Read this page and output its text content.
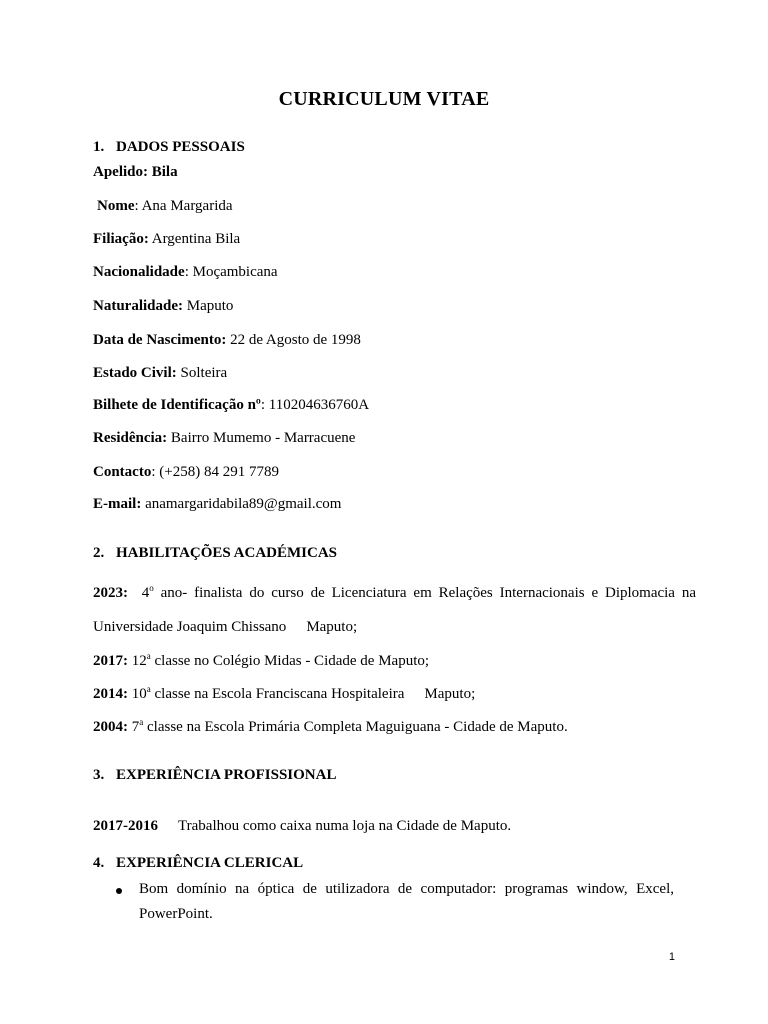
CURRICULUM VITAE
1. DADOS PESSOAIS
Apelido: Bila
Nome: Ana Margarida
Filiação: Argentina Bila
Nacionalidade: Moçambicana
Naturalidade: Maputo
Data de Nascimento: 22 de Agosto de 1998
Estado Civil: Solteira
Bilhete de Identificação nº: 110204636760A
Residência: Bairro Mumemo - Marracuene
Contacto: (+258) 84 291 7789
E-mail: anamargaridabila89@gmail.com
2. HABILITAÇÕES ACADÉMICAS
2023: 4$^o$ ano- finalista do curso de Licenciatura em Relações Internacionais e Diplomacia na
Universidade Joaquim Chissano Maputo;
2017: 12$^a$ classe no Colégio Midas - Cidade de Maputo;
2014: 10$^a$ classe na Escola Franciscana Hospitaleira Maputo;
2004: 7$^a$ classe na Escola Primária Completa Maguiguana - Cidade de Maputo.
3. EXPERIÊNCIA PROFISSIONAL
2017-2016 Trabalhou como caixa numa loja na Cidade de Maputo.
4. EXPERIÊNCIA CLERICAL
Bom domínio na óptica de utilizadora de computador: programas window, Excel,
PowerPoint.
1
